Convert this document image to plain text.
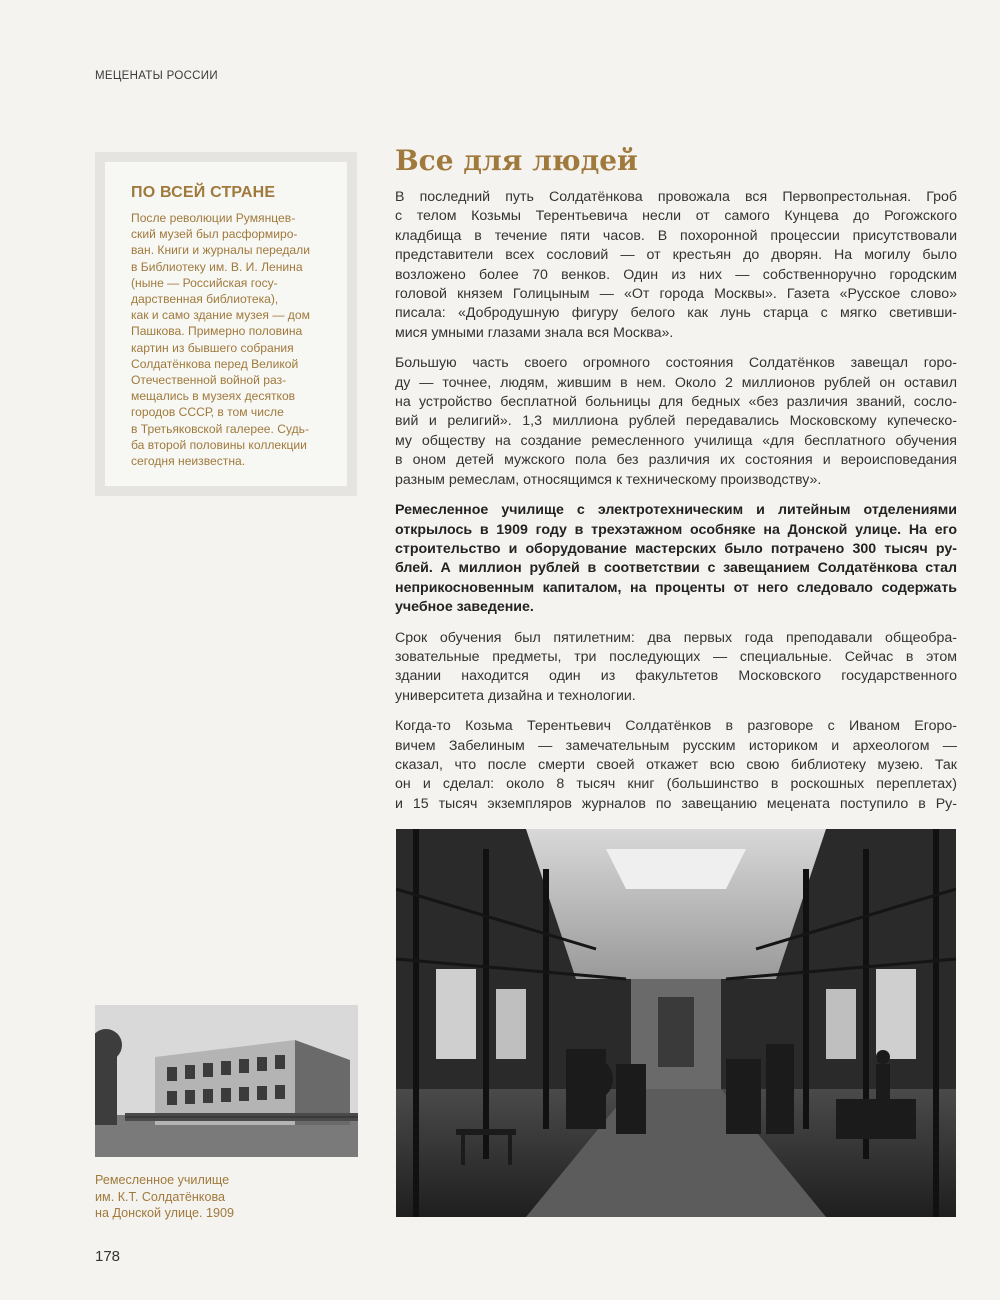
МЕЦЕНАТЫ РОССИИ
ПО ВСЕЙ СТРАНЕ

После революции Румянцев-

ский музей был расформиро-

ван. Книги и журналы передали

в Библиотеку им. В. И. Ленина

(ныне — Российская госу-

дарственная библиотека),

как и само здание музея — дом

Пашкова. Примерно половина

картин из бывшего собрания

Солдатёнкова перед Великой

Отечественной войной раз-

мещались в музеях десятков

городов СССР, в том числе

в Третьяковской галерее. Судь-

ба второй половины коллекции

сегодня неизвестна.

Все для людей
В последний путь Солдатёнкова провожала вся Первопрестольная. Гроб
с телом Козьмы Терентьевича несли от самого Кунцева до Рогожского
кладбища в течение пяти часов. В похоронной процессии присутствовали
представители всех сословий — от крестьян до дворян. На могилу было
возложено более 70 венков. Один из них — собственноручно городским
головой князем Голицыным — «От города Москвы». Газета «Русское слово»
писала: «Добродушную фигуру белого как лунь старца с мягко светивши-
мися умными глазами знала вся Москва».
Большую часть своего огромного состояния Солдатёнков завещал горо-
ду — точнее, людям, жившим в нем. Около 2 миллионов рублей он оставил
на устройство бесплатной больницы для бедных «без различия званий, сосло-
вий и религий». 1,3 миллиона рублей передавались Московскому купеческо-
му обществу на создание ремесленного училища «для бесплатного обучения
в оном детей мужского пола без различия их состояния и вероисповедания
разным ремеслам, относящимся к техническому производству».
Ремесленное училище с электротехническим и литейным отделениями
открылось в 1909 году в трехэтажном особняке на Донской улице. На его
строительство и оборудование мастерских было потрачено 300 тысяч ру-
блей. А миллион рублей в соответствии с завещанием Солдатёнкова стал
неприкосновенным капиталом, на проценты от него следовало содержать
учебное заведение.
Срок обучения был пятилетним: два первых года преподавали общеобра-
зовательные предметы, три последующих — специальные. Сейчас в этом
здании находится один из факультетов Московского государственного
университета дизайна и технологии.
Когда-то Козьма Терентьевич Солдатёнков в разговоре с Иваном Егоро-
вичем Забелиным — замечательным русским историком и археологом —
сказал, что после смерти своей откажет всю свою библиотеку музею. Так
он и сделал: около 8 тысяч книг (большинство в роскошных переплетах)
и 15 тысяч экземпляров журналов по завещанию мецената поступило в Ру-
Ремесленное училище
им. К.Т. Солдатёнкова
на Донской улице. 1909
178
